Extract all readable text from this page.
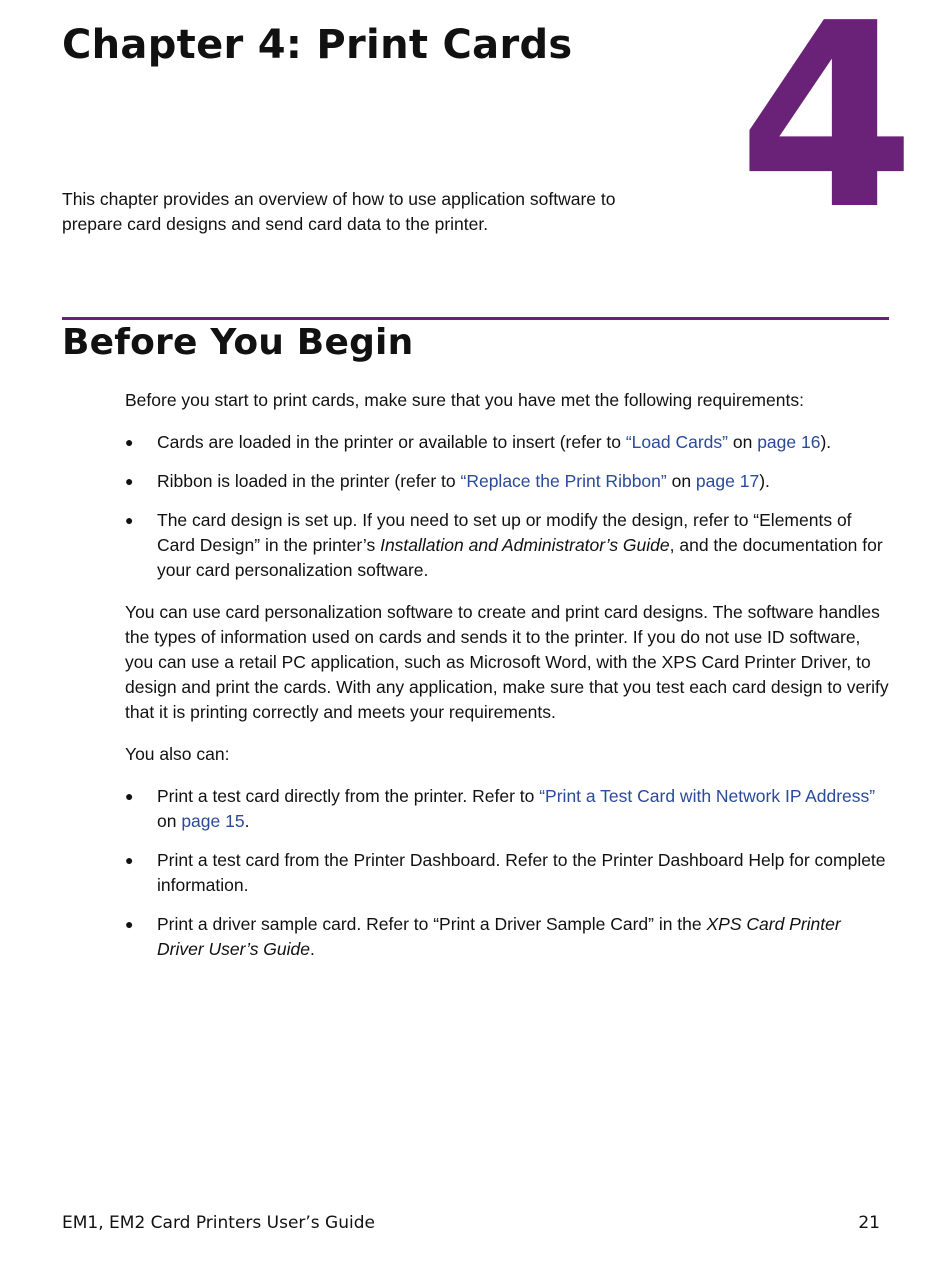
Chapter 4: Print Cards 4

This chapter provides an overview of how to use application software to prepare card designs and send card data to the printer.

Before You Begin

Before you start to print cards, make sure that you have met the following requirements:

● Cards are loaded in the printer or available to insert (refer to “Load Cards” on page 16).
● Ribbon is loaded in the printer (refer to “Replace the Print Ribbon” on page 17).
● The card design is set up. If you need to set up or modify the design, refer to “Elements of Card Design” in the printer’s Installation and Administrator’s Guide, and the documentation for your card personalization software.

You can use card personalization software to create and print card designs. The software handles the types of information used on cards and sends it to the printer. If you do not use ID software, you can use a retail PC application, such as Microsoft Word, with the XPS Card Printer Driver, to design and print the cards. With any application, make sure that you test each card design to verify that it is printing correctly and meets your requirements.

You also can:

● Print a test card directly from the printer. Refer to “Print a Test Card with Network IP Address” on page 15.
● Print a test card from the Printer Dashboard. Refer to the Printer Dashboard Help for complete information.
● Print a driver sample card. Refer to “Print a Driver Sample Card” in the XPS Card Printer Driver User’s Guide.
EM1, EM2 Card Printers User’s Guide	21
